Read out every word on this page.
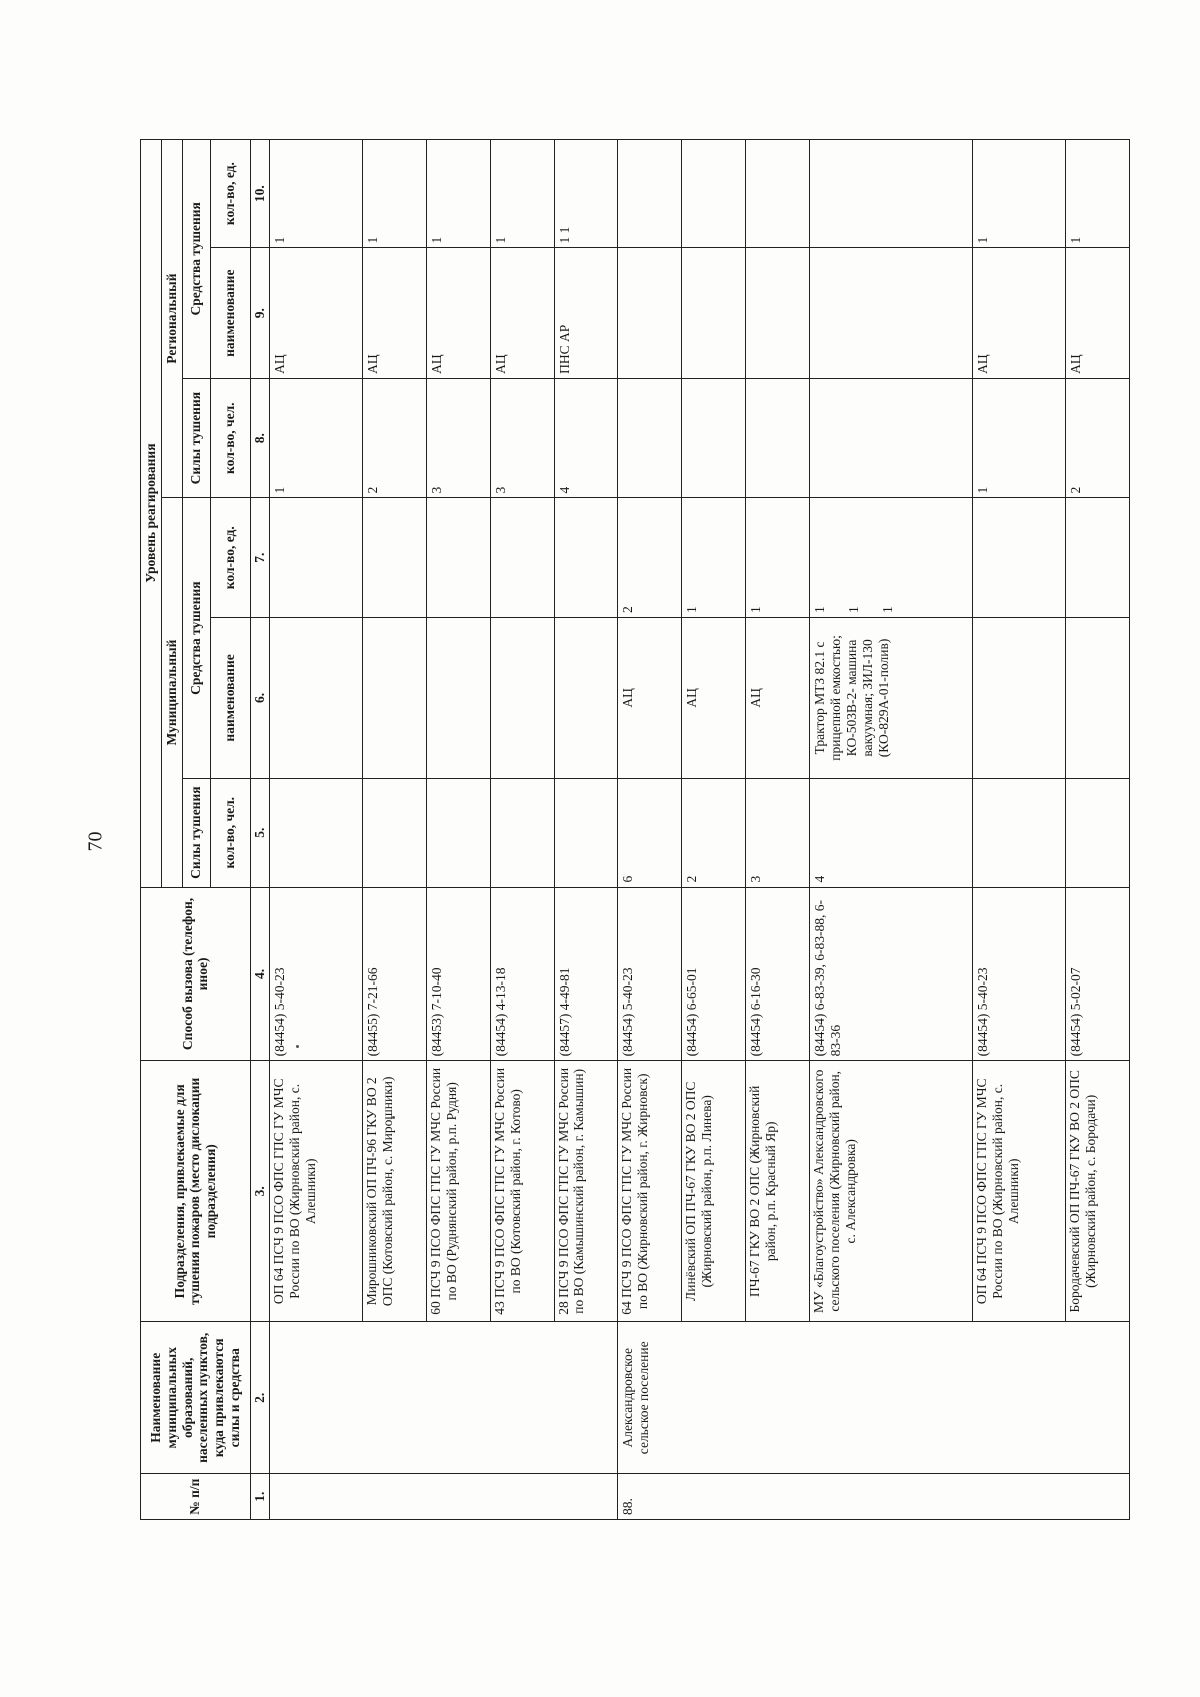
70
№ п/п	Наименование муниципальных образований, населенных пунктов, куда привлекаются силы и средства	Подразделения, привлекаемые для тушения пожаров (место дислокации подразделения)	Способ вызова (телефон, иное)	Уровень реагирования						
				Муниципальный			Региональный			
				Силы тушения	Средства тушения		Силы тушения	Средства тушения		
				кол-во, чел.	наименование	кол-во, ед.	кол-во, чел.	наименование	кол-во, ед.	
1.	2.	3.	4.	5.	6.	7.	8.	9.	10.	
		ОП 64 ПСЧ 9 ПСО ФПС ГПС ГУ МЧС России по ВО (Жирновский район, с. Алешники)	(84454) 5-40-23				1	АЦ	1	
		Мирошниковский ОП ПЧ-96 ГКУ ВО 2 ОПС (Котовский район, с. Мирошники)	(84455) 7-21-66				2	АЦ	1	
		60 ПСЧ 9 ПСО ФПС ГПС ГУ МЧС России по ВО (Руднянский район, р.п. Рудня)	(84453) 7-10-40				3	АЦ	1	
		43 ПСЧ 9 ПСО ФПС ГПС ГУ МЧС России по ВО (Котовский район, г. Котово)	(84454) 4-13-18				3	АЦ	1	
		28 ПСЧ 9 ПСО ФПС ГПС ГУ МЧС России по ВО (Камышинский район, г. Камышин)	(84457) 4-49-81				4	ПНС АР	1 1	
88.	Александровское сельское поселение	64 ПСЧ 9 ПСО ФПС ГПС ГУ МЧС России по ВО (Жирновский район, г. Жирновск)	(84454) 5-40-23	6	АЦ	2				
		Линёвский ОП ПЧ-67 ГКУ ВО 2 ОПС (Жирновский район, р.п. Линева)	(84454) 6-65-01	2	АЦ	1				
		ПЧ-67 ГКУ ВО 2 ОПС (Жирновский район, р.п. Красный Яр)	(84454) 6-16-30	3	АЦ	1				
		МУ «Благоустройство» Александровского сельского поселения (Жирновский район, с. Александровка)	(84454) 6-83-39, 6-83-88, 6-83-36	4	Трактор МТЗ 82.1 с прицепной емкостью; КО-503В-2- машина вакуумная; ЗИЛ-130 (КО-829А-01-полив)	1 1 1				

		ОП 64 ПСЧ 9 ПСО ФПС ГПС ГУ МЧС России по ВО (Жирновский район, с. Алешники)	(84454) 5-40-23				1	АЦ	1	
		Бородачевский ОП ПЧ-67 ГКУ ВО 2 ОПС (Жирновский район, с. Бородачи)	(84454) 5-02-07				2	АЦ	1	
